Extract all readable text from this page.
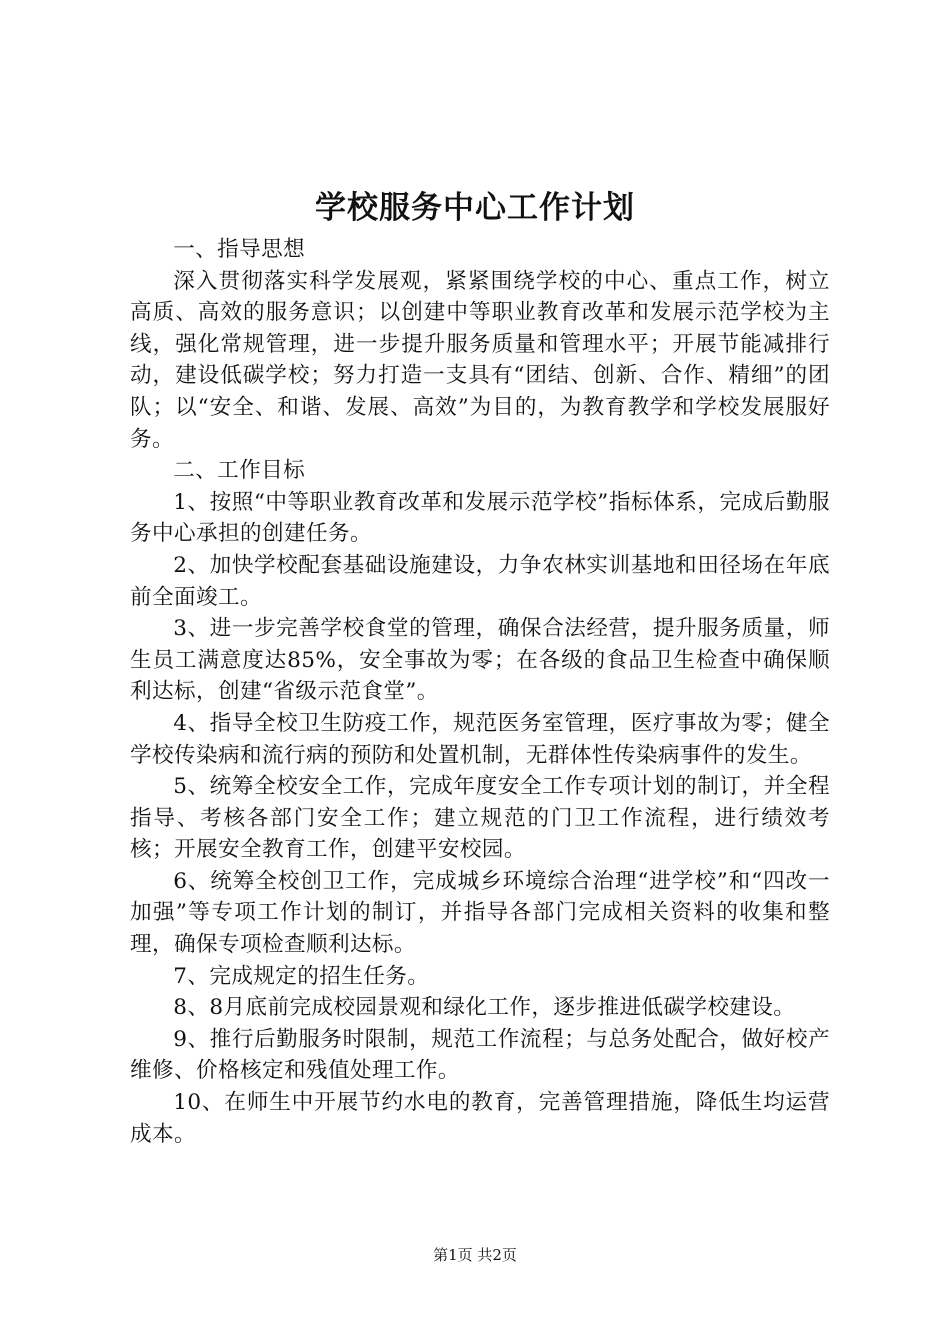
学校服务中心工作计划

一、指导思想

深入贯彻落实科学发展观，紧紧围绕学校的中心、重点工作，树立高质、高效的服务意识；以创建中等职业教育改革和发展示范学校为主线，强化常规管理，进一步提升服务质量和管理水平；开展节能减排行动，建设低碳学校；努力打造一支具有“团结、创新、合作、精细”的团队；以“安全、和谐、发展、高效”为目的，为教育教学和学校发展服好务。

二、工作目标

1、按照“中等职业教育改革和发展示范学校”指标体系，完成后勤服务中心承担的创建任务。

2、加快学校配套基础设施建设，力争农林实训基地和田径场在年底前全面竣工。

3、进一步完善学校食堂的管理，确保合法经营，提升服务质量，师生员工满意度达85%，安全事故为零；在各级的食品卫生检查中确保顺利达标，创建“省级示范食堂”。

4、指导全校卫生防疫工作，规范医务室管理，医疗事故为零；健全学校传染病和流行病的预防和处置机制，无群体性传染病事件的发生。

5、统筹全校安全工作，完成年度安全工作专项计划的制订，并全程指导、考核各部门安全工作；建立规范的门卫工作流程，进行绩效考核；开展安全教育工作，创建平安校园。

6、统筹全校创卫工作，完成城乡环境综合治理“进学校”和“四改一加强”等专项工作计划的制订，并指导各部门完成相关资料的收集和整理，确保专项检查顺利达标。

7、完成规定的招生任务。

8、8月底前完成校园景观和绿化工作，逐步推进低碳学校建设。

9、推行后勤服务时限制，规范工作流程；与总务处配合，做好校产维修、价格核定和残值处理工作。

10、在师生中开展节约水电的教育，完善管理措施，降低生均运营成本。

第1页 共2页
